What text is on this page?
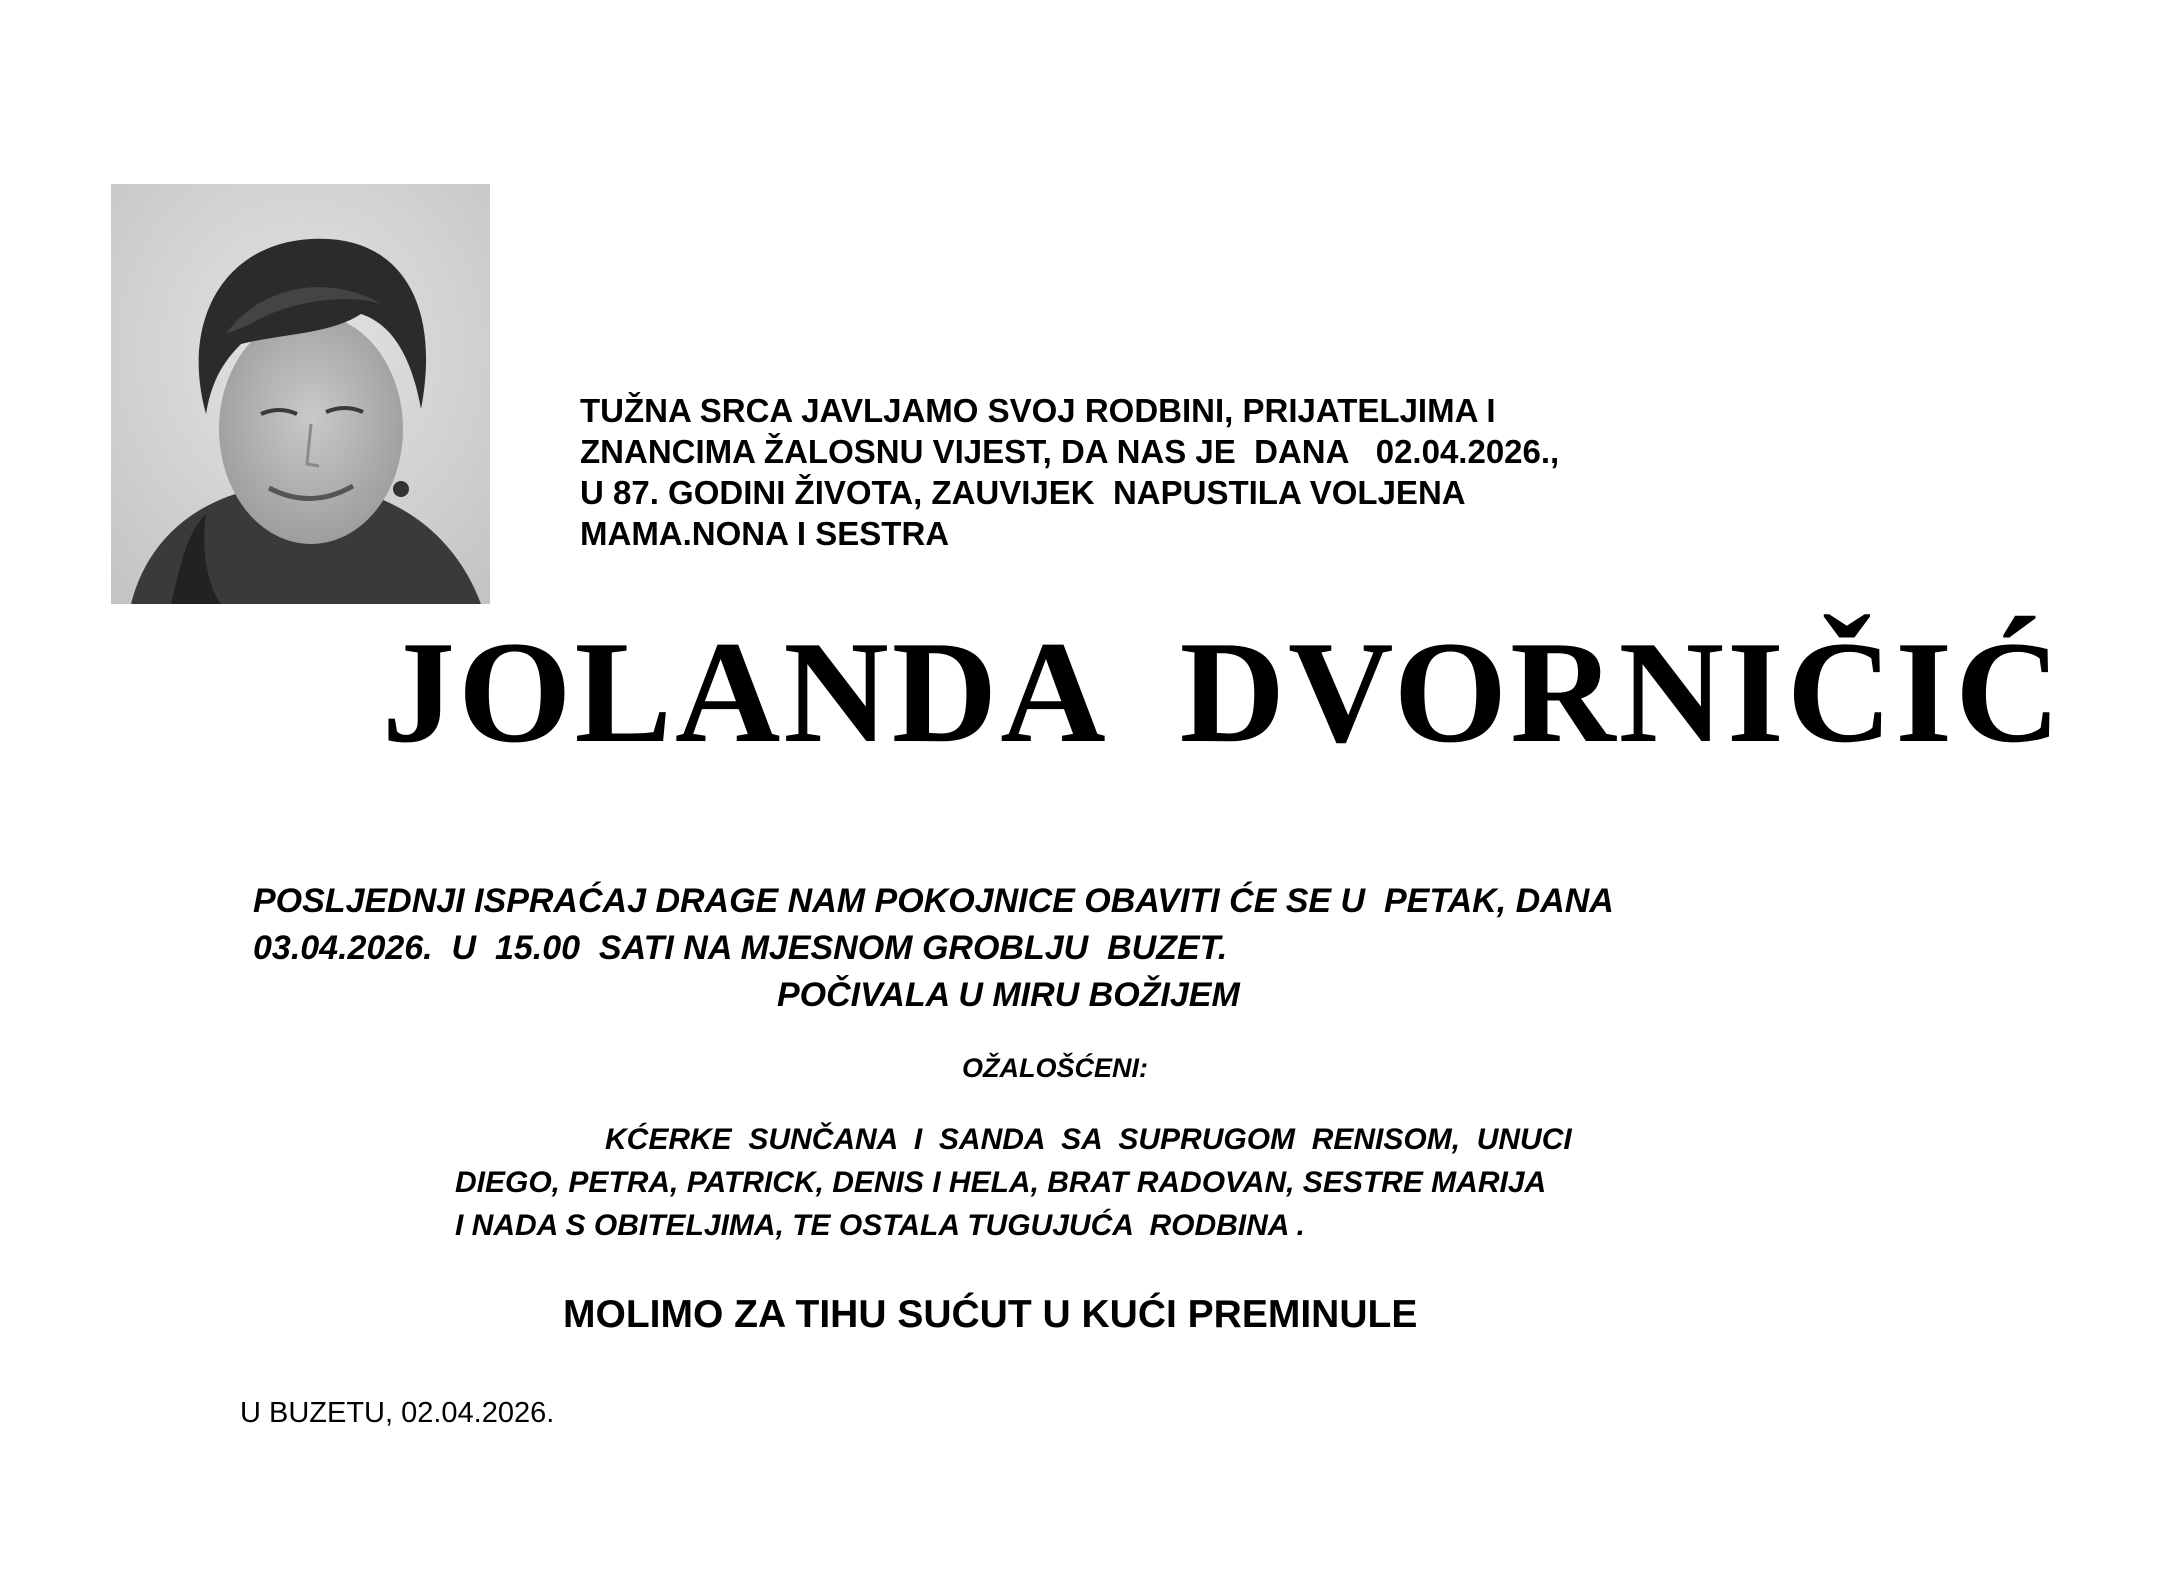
TUŽNA SRCA JAVLJAMO SVOJ RODBINI, PRIJATELJIMA I
ZNANCIMA ŽALOSNU VIJEST, DA NAS JE  DANA   02.04.2026.,
U 87. GODINI ŽIVOTA, ZAUVIJEK  NAPUSTILA VOLJENA
MAMA.NONA I SESTRA
JOLANDA  DVORNIČIĆ
POSLJEDNJI ISPRAĆAJ DRAGE NAM POKOJNICE OBAVITI ĆE SE U  PETAK, DANA
03.04.2026.  U  15.00  SATI NA MJESNOM GROBLJU  BUZET.
POČIVALA U MIRU BOŽIJEM
OŽALOŠĆENI:
KĆERKE  SUNČANA  I  SANDA  SA  SUPRUGOM  RENISOM,  UNUCI
DIEGO, PETRA, PATRICK, DENIS I HELA, BRAT RADOVAN, SESTRE MARIJA
I NADA S OBITELJIMA, TE OSTALA TUGUJUĆA  RODBINA .
MOLIMO ZA TIHU SUĆUT U KUĆI PREMINULE
U BUZETU, 02.04.2026.
